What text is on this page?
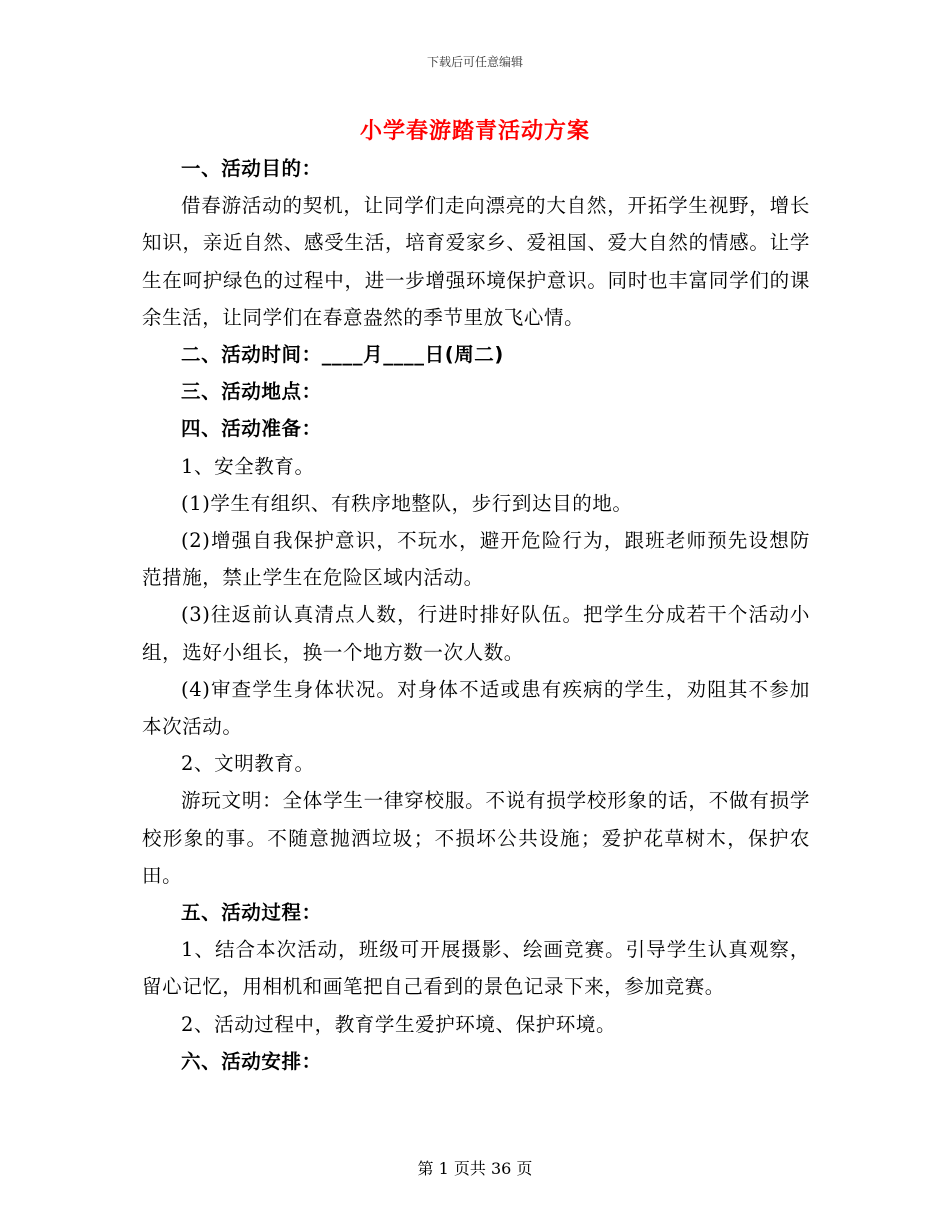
下载后可任意编辑
小学春游踏青活动方案

一、活动目的：

借春游活动的契机，让同学们走向漂亮的大自然，开拓学生视野，增长知识，亲近自然、感受生活，培育爱家乡、爱祖国、爱大自然的情感。让学生在呵护绿色的过程中，进一步增强环境保护意识。同时也丰富同学们的课余生活，让同学们在春意盎然的季节里放飞心情。

二、活动时间：____月____日(周二)

三、活动地点：

四、活动准备：

1、安全教育。

(1)学生有组织、有秩序地整队，步行到达目的地。

(2)增强自我保护意识，不玩水，避开危险行为，跟班老师预先设想防范措施，禁止学生在危险区域内活动。

(3)往返前认真清点人数，行进时排好队伍。把学生分成若干个活动小组，选好小组长，换一个地方数一次人数。

(4)审查学生身体状况。对身体不适或患有疾病的学生，劝阻其不参加本次活动。

2、文明教育。

游玩文明：全体学生一律穿校服。不说有损学校形象的话，不做有损学校形象的事。不随意抛洒垃圾；不损坏公共设施；爱护花草树木，保护农田。

五、活动过程：

1、结合本次活动，班级可开展摄影、绘画竞赛。引导学生认真观察，留心记忆，用相机和画笔把自己看到的景色记录下来，参加竞赛。

2、活动过程中，教育学生爱护环境、保护环境。

六、活动安排：

第 1 页共 36 页
